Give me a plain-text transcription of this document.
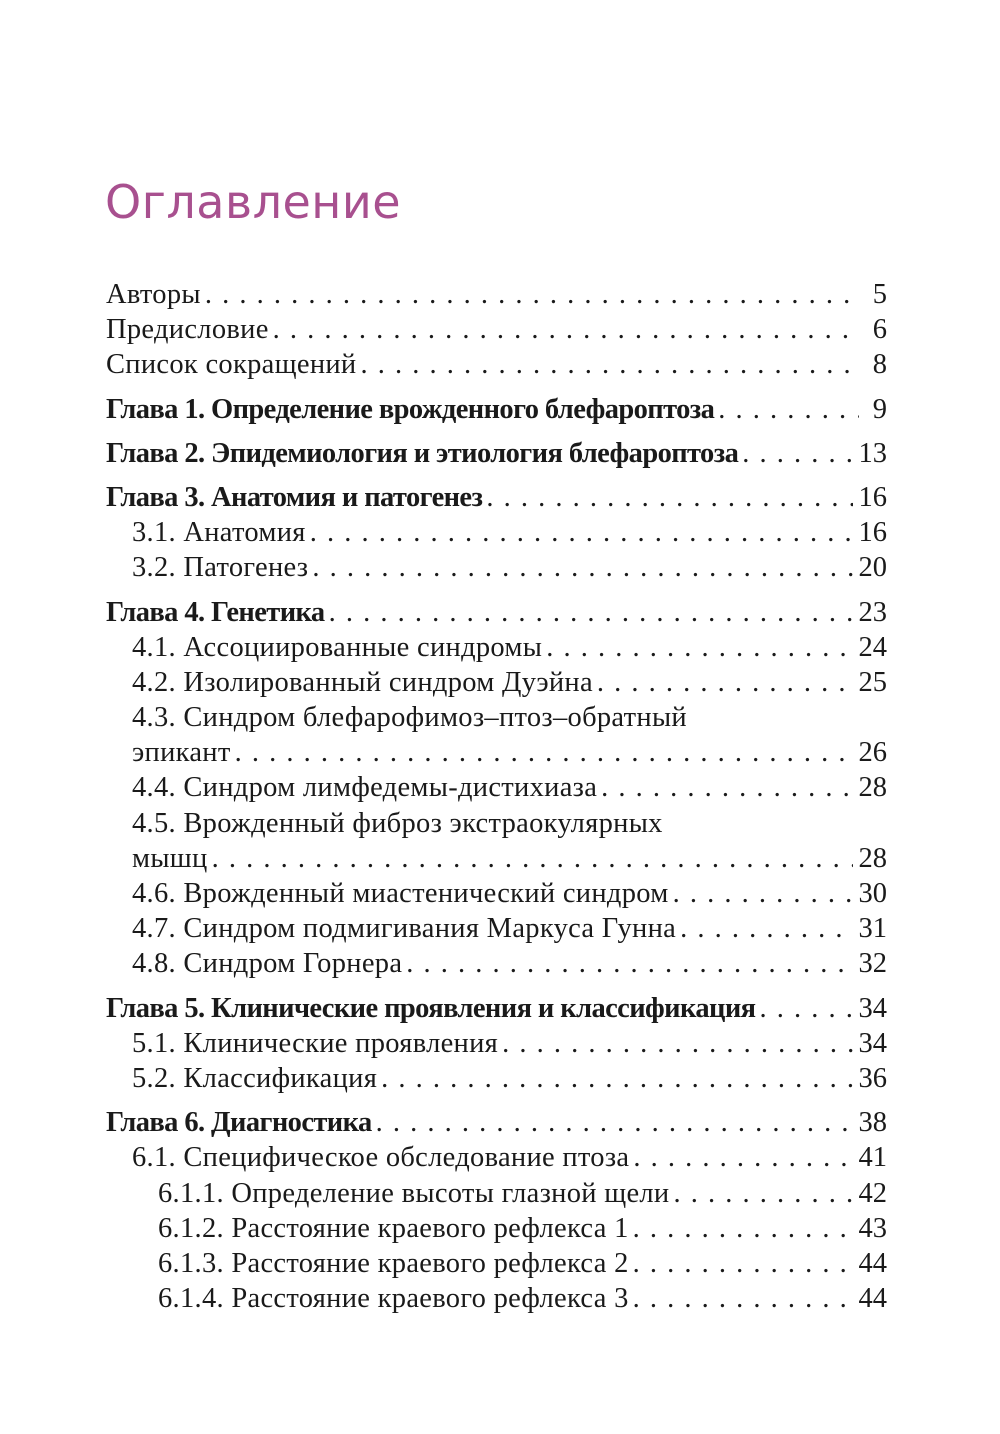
Оглавление
Авторы . . .	5
Предисловие . . .	6
Список сокращений . . .	8
Глава 1. Определение врожденного блефароптоза . . .	9
Глава 2. Эпидемиология и этиология блефароптоза . . .	13
Глава 3. Анатомия и патогенез . . .	16
3.1. Анатомия . . .	16
3.2. Патогенез . . .	20
Глава 4. Генетика . . .	23
4.1. Ассоциированные синдромы . . .	24
4.2. Изолированный синдром Дуэйна . . .	25
4.3. Синдром блефарофимоз–птоз–обратный
эпикант . . .	26
4.4. Синдром лимфедемы-дистихиаза . . .	28
4.5. Врожденный фиброз экстраокулярных
мышц . . .	28
4.6. Врожденный миастенический синдром . . .	30
4.7. Синдром подмигивания Маркуса Гунна . . .	31
4.8. Синдром Горнера . . .	32
Глава 5. Клинические проявления и классификация . . .	34
5.1. Клинические проявления . . .	34
5.2. Классификация . . .	36
Глава 6. Диагностика . . .	38
6.1. Специфическое обследование птоза . . .	41
6.1.1. Определение высоты глазной щели . . .	42
6.1.2. Расстояние краевого рефлекса 1 . . .	43
6.1.3. Расстояние краевого рефлекса 2 . . .	44
6.1.4. Расстояние краевого рефлекса 3 . . .	44
